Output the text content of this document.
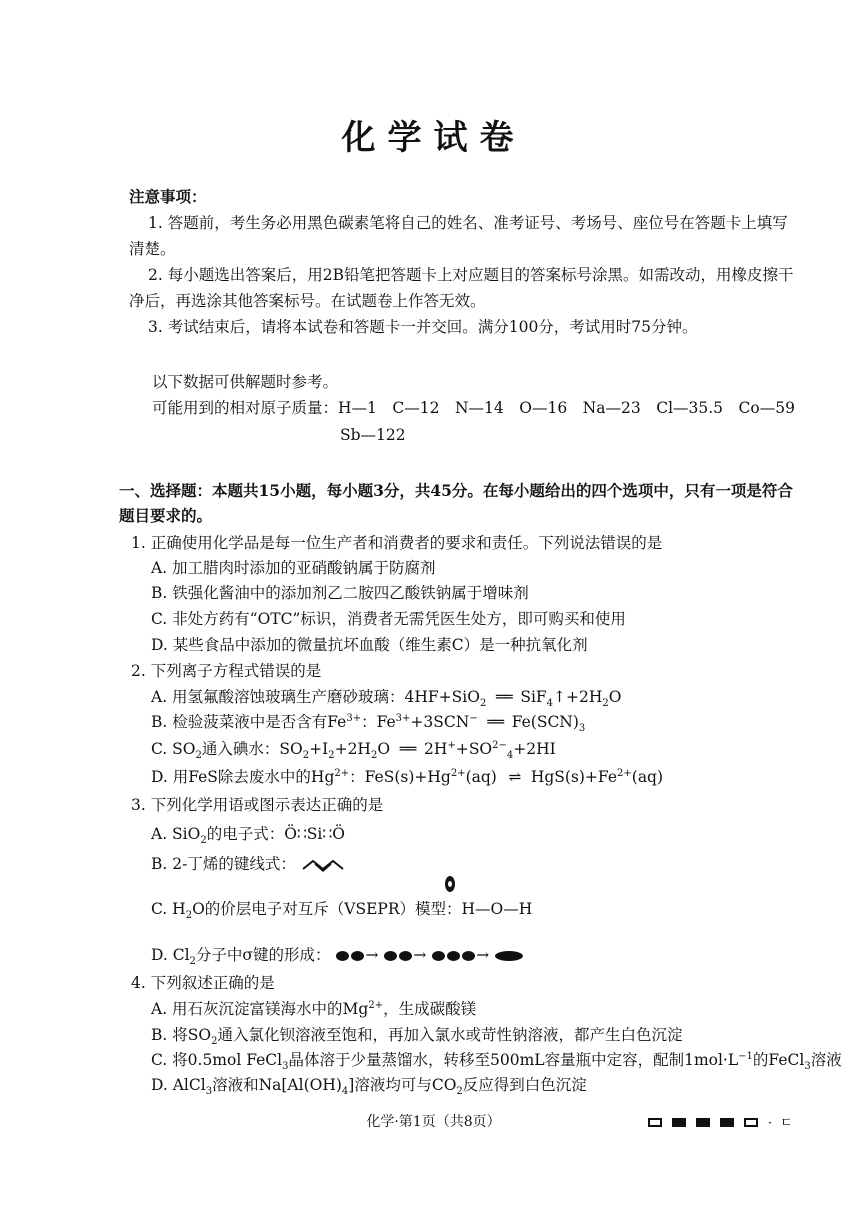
化学试卷
注意事项：
1. 答题前，考生务必用黑色碳素笔将自己的姓名、准考证号、考场号、座位号在答题卡上填写
清楚。
2. 每小题选出答案后，用2B铅笔把答题卡上对应题目的答案标号涂黑。如需改动，用橡皮擦干
净后，再选涂其他答案标号。在试题卷上作答无效。
3. 考试结束后，请将本试卷和答题卡一并交回。满分100分，考试用时75分钟。
以下数据可供解题时参考。
可能用到的相对原子质量：H—1　C—12　N—14　O—16　Na—23　Cl—35.5　Co—59
Sb—122
一、选择题：本题共15小题，每小题3分，共45分。在每小题给出的四个选项中，只有一项是符合
题目要求的。
1. 正确使用化学品是每一位生产者和消费者的要求和责任。下列说法错误的是
A. 加工腊肉时添加的亚硝酸钠属于防腐剂
B. 铁强化酱油中的添加剂乙二胺四乙酸铁钠属于增味剂
C. 非处方药有“OTC”标识，消费者无需凭医生处方，即可购买和使用
D. 某些食品中添加的微量抗坏血酸（维生素C）是一种抗氧化剂
2. 下列离子方程式错误的是
A. 用氢氟酸溶蚀玻璃生产磨砂玻璃：4HF+SiO$_2$ ══ $SiF_4↑+2H_2O$
B. 检验菠菜液中是否含有$Fe^{3+}$：$Fe^{3+}+3SCN^-$ ══ $Fe(SCN)_3$
C. $SO_2$通入碘水：$SO_2+I_2+2H_2O$ ══ $2H^++SO^{2-}_4+2HI$
D. 用FeS除去废水中的$Hg^{2+}$：$FeS(s)+Hg^{2+}(aq)$ ⇌ $HgS(s)+Fe^{2+}(aq)$
3. 下列化学用语或图示表达正确的是
A. SiO$_2$的电子式：Ö∷Si∷Ö
B. 2-丁烯的键线式：
C. $H_2O$的价层电子对互斥（VSEPR）模型：H—O—H
D. $Cl_2$分子中σ键的形成： → →	→
4. 下列叙述正确的是
A. 用石灰沉淀富镁海水中的$Mg^{2+}$，生成碳酸镁
B. 将$SO_2$通入氯化钡溶液至饱和，再加入氯水或苛性钠溶液，都产生白色沉淀
C. 将0.5mol FeCl$_3$晶体溶于少量蒸馏水，转移至500mL容量瓶中定容，配制$1mol\cdot L^{-1}$的FeCl$_3$溶液
D. AlCl$_3$溶液和$Na[Al(OH)_4]$溶液均可与$CO_2$反应得到白色沉淀
化学·第1页（共8页）	· ㄷ
